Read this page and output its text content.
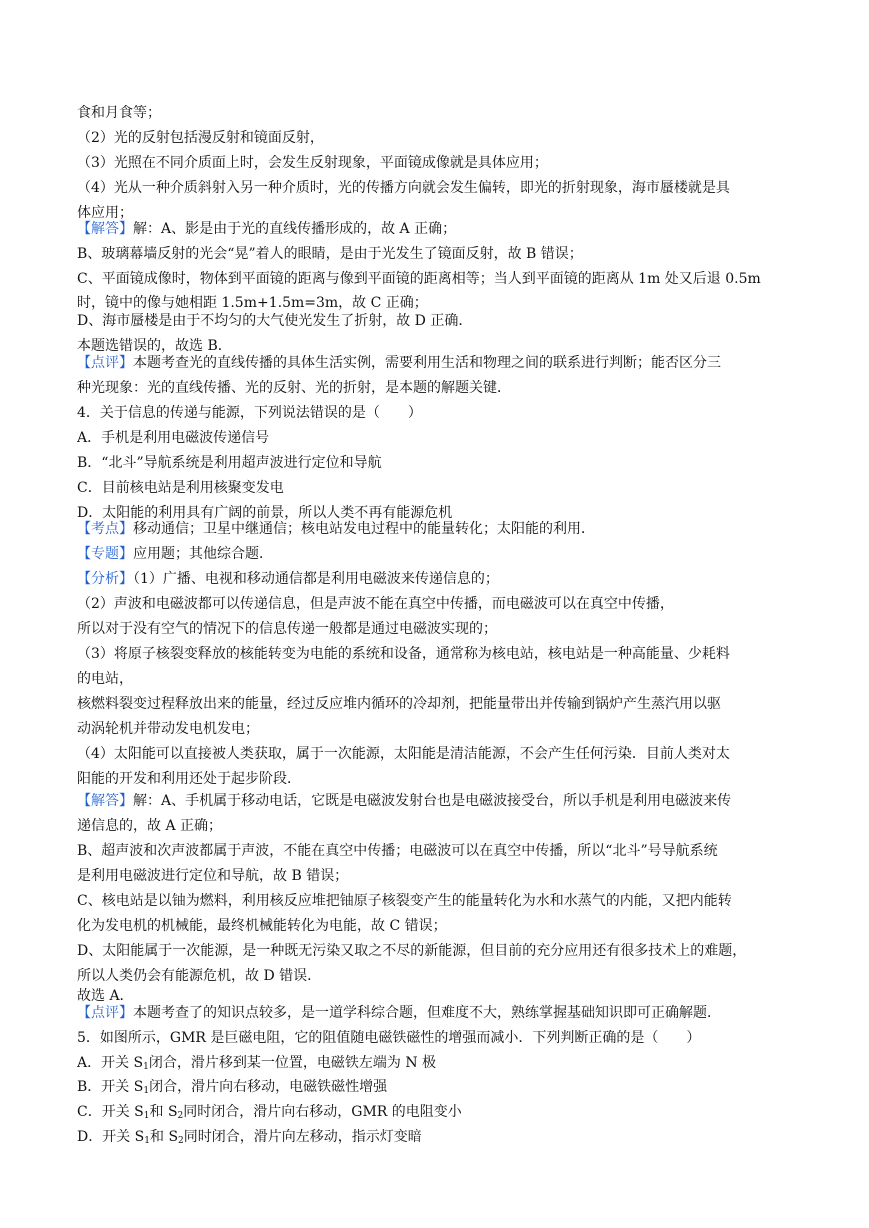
食和月食等；
（2）光的反射包括漫反射和镜面反射，
（3）光照在不同介质面上时，会发生反射现象，平面镜成像就是具体应用；
（4）光从一种介质斜射入另一种介质时，光的传播方向就会发生偏转，即光的折射现象，海市蜃楼就是具
体应用；
【解答】解：A、影是由于光的直线传播形成的，故 A 正确；
B、玻璃幕墙反射的光会“晃”着人的眼睛，是由于光发生了镜面反射，故 B 错误；
C、平面镜成像时，物体到平面镜的距离与像到平面镜的距离相等；当人到平面镜的距离从 1m 处又后退 0.5m
时，镜中的像与她相距 1.5m+1.5m=3m，故 C 正确；
D、海市蜃楼是由于不均匀的大气使光发生了折射，故 D 正确．
本题选错误的，故选 B．
【点评】本题考查光的直线传播的具体生活实例，需要利用生活和物理之间的联系进行判断；能否区分三
种光现象：光的直线传播、光的反射、光的折射，是本题的解题关键．
4．关于信息的传递与能源，下列说法错误的是（　　）
A．手机是利用电磁波传递信号
B．“北斗”导航系统是利用超声波进行定位和导航
C．目前核电站是利用核聚变发电
D．太阳能的利用具有广阔的前景，所以人类不再有能源危机
【考点】移动通信；卫星中继通信；核电站发电过程中的能量转化；太阳能的利用．
【专题】应用题；其他综合题．
【分析】（1）广播、电视和移动通信都是利用电磁波来传递信息的；
（2）声波和电磁波都可以传递信息，但是声波不能在真空中传播，而电磁波可以在真空中传播，
所以对于没有空气的情况下的信息传递一般都是通过电磁波实现的；
（3）将原子核裂变释放的核能转变为电能的系统和设备，通常称为核电站，核电站是一种高能量、少耗料
的电站，
核燃料裂变过程释放出来的能量，经过反应堆内循环的冷却剂，把能量带出并传输到锅炉产生蒸汽用以驱
动涡轮机并带动发电机发电；
（4）太阳能可以直接被人类获取，属于一次能源，太阳能是清洁能源，不会产生任何污染．目前人类对太
阳能的开发和利用还处于起步阶段．
【解答】解：A、手机属于移动电话，它既是电磁波发射台也是电磁波接受台，所以手机是利用电磁波来传
递信息的，故 A 正确；
B、超声波和次声波都属于声波，不能在真空中传播；电磁波可以在真空中传播，所以“北斗”号导航系统
是利用电磁波进行定位和导航，故 B 错误；
C、核电站是以铀为燃料，利用核反应堆把铀原子核裂变产生的能量转化为水和水蒸气的内能，又把内能转
化为发电机的机械能，最终机械能转化为电能，故 C 错误；
D、太阳能属于一次能源，是一种既无污染又取之不尽的新能源，但目前的充分应用还有很多技术上的难题，
所以人类仍会有能源危机，故 D 错误．
故选 A．
【点评】本题考查了的知识点较多，是一道学科综合题，但难度不大，熟练掌握基础知识即可正确解题．
5．如图所示，GMR 是巨磁电阻，它的阻值随电磁铁磁性的增强而减小．下列判断正确的是（　　）
A．开关 $S_1$闭合，滑片移到某一位置，电磁铁左端为 N 极
B．开关 $S_1$闭合，滑片向右移动，电磁铁磁性增强
C．开关 $S_1$和 $S_2$同时闭合，滑片向右移动，GMR 的电阻变小
D．开关 $S_1$和 $S_2$同时闭合，滑片向左移动，指示灯变暗
